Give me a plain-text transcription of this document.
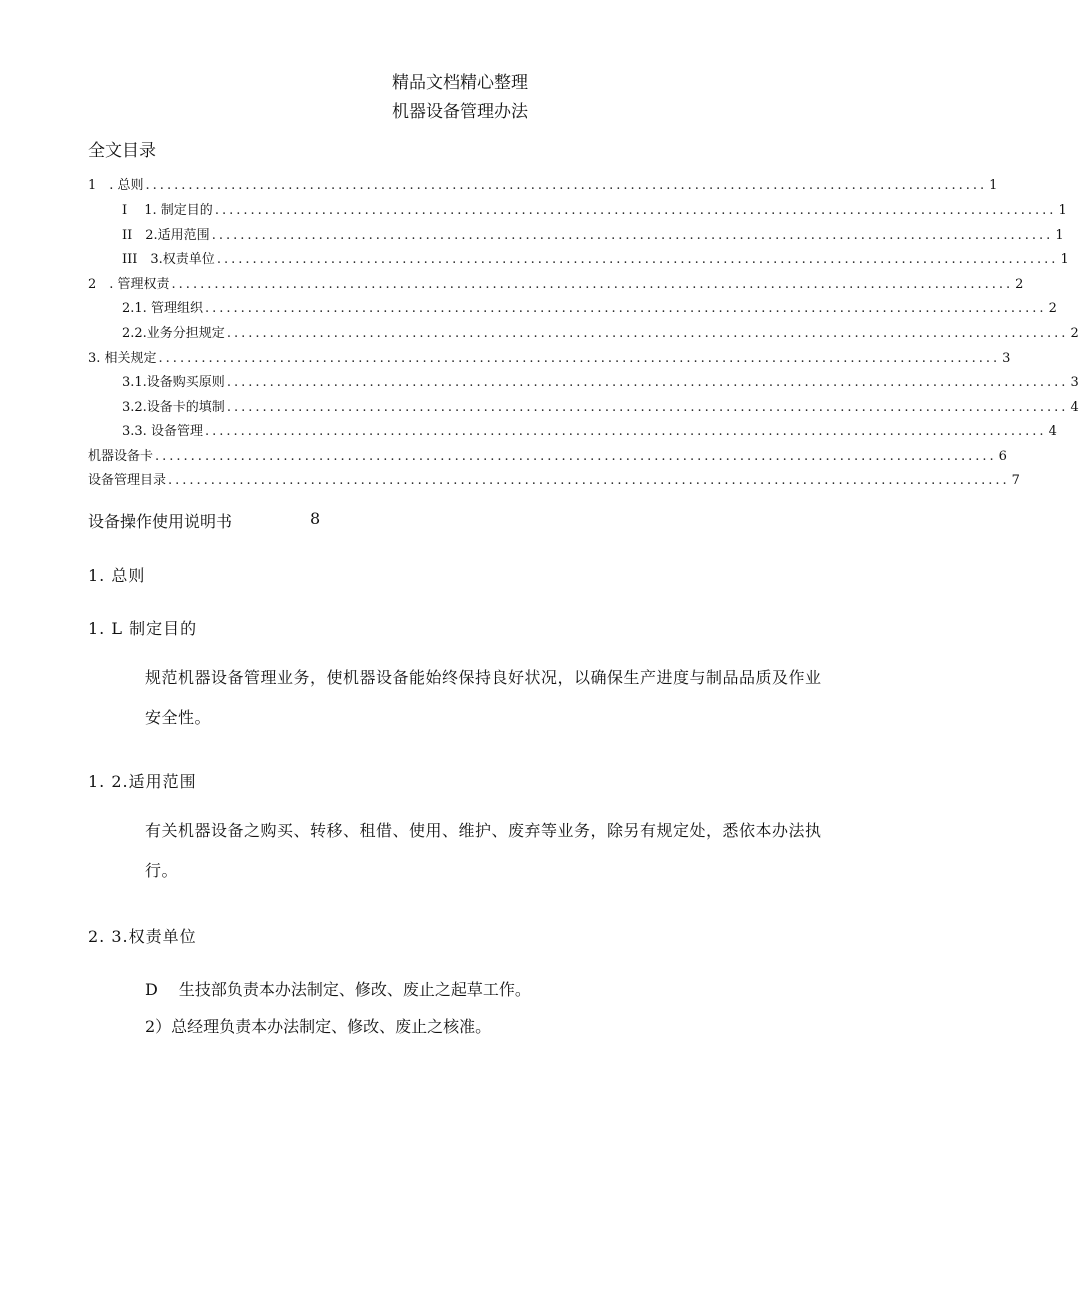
精品文档精心整理
机器设备管理办法
全文目录
1　. 总则 ...................................................................................................................... 1
I　 1. 制定目的 ...................................................................................................................... 1
II　2.适用范围 ...................................................................................................................... 1
III　3.权责单位 ...................................................................................................................... 1
2　. 管理权责 ...................................................................................................................... 2
2.1. 管理组织 ...................................................................................................................... 2
2.2.业务分担规定 ...................................................................................................................... 2
3. 相关规定 ...................................................................................................................... 3
3.1.设备购买原则 ...................................................................................................................... 3
3.2.设备卡的填制 ...................................................................................................................... 4
3.3. 设备管理 ...................................................................................................................... 4
机器设备卡 ...................................................................................................................... 6
设备管理目录 ...................................................................................................................... 7
设备操作使用说明书	8
1. 总则
1. L 制定目的
规范机器设备管理业务，使机器设备能始终保持良好状况，以确保生产进度与制品品质及作业安全性。
1. 2.适用范围
有关机器设备之购买、转移、租借、使用、维护、废弃等业务，除另有规定处，悉依本办法执行。
2. 3.权责单位
D　 生技部负责本办法制定、修改、废止之起草工作。
2）总经理负责本办法制定、修改、废止之核准。
